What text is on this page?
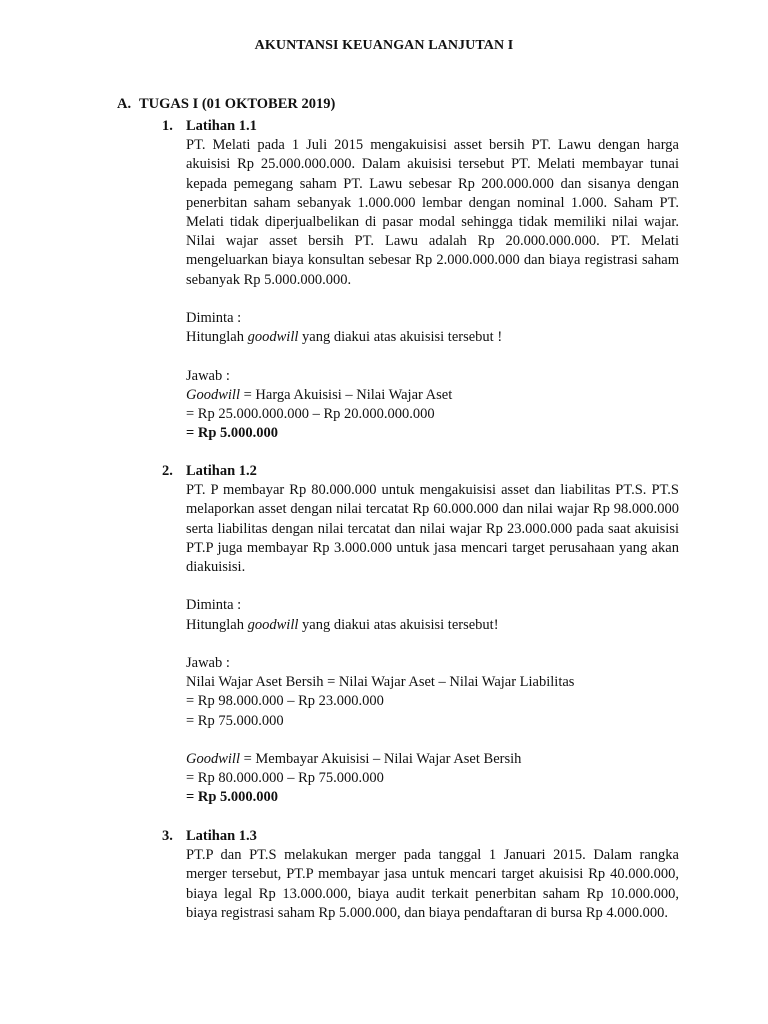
AKUNTANSI KEUANGAN LANJUTAN I
A. TUGAS I (01 OKTOBER 2019)
1. Latihan 1.1

PT. Melati pada 1 Juli 2015 mengakuisisi asset bersih PT. Lawu dengan harga akuisisi Rp 25.000.000.000. Dalam akuisisi tersebut PT. Melati membayar tunai kepada pemegang saham PT. Lawu sebesar Rp 200.000.000 dan sisanya dengan penerbitan saham sebanyak 1.000.000 lembar dengan nominal 1.000. Saham PT. Melati tidak diperjualbelikan di pasar modal sehingga tidak memiliki nilai wajar. Nilai wajar asset bersih PT. Lawu adalah Rp 20.000.000.000. PT. Melati mengeluarkan biaya konsultan sebesar Rp 2.000.000.000 dan biaya registrasi saham sebanyak Rp 5.000.000.000.

Diminta :

Hitunglah goodwill yang diakui atas akuisisi tersebut !

Jawab :

Goodwill = Harga Akuisisi – Nilai Wajar Aset

= Rp 25.000.000.000 – Rp 20.000.000.000

= Rp 5.000.000

2. Latihan 1.2

PT. P membayar Rp 80.000.000 untuk mengakuisisi asset dan liabilitas PT.S. PT.S melaporkan asset dengan nilai tercatat Rp 60.000.000 dan nilai wajar Rp 98.000.000 serta liabilitas dengan nilai tercatat dan nilai wajar Rp 23.000.000 pada saat akuisisi PT.P juga membayar Rp 3.000.000 untuk jasa mencari target perusahaan yang akan diakuisisi.

Diminta :

Hitunglah goodwill yang diakui atas akuisisi tersebut!

Jawab :

Nilai Wajar Aset Bersih = Nilai Wajar Aset – Nilai Wajar Liabilitas

= Rp 98.000.000 – Rp 23.000.000

= Rp 75.000.000

Goodwill = Membayar Akuisisi – Nilai Wajar Aset Bersih

= Rp 80.000.000 – Rp 75.000.000

= Rp 5.000.000

3. Latihan 1.3

PT.P dan PT.S melakukan merger pada tanggal 1 Januari 2015. Dalam rangka merger tersebut, PT.P membayar jasa untuk mencari target akuisisi Rp 40.000.000, biaya legal Rp 13.000.000, biaya audit terkait penerbitan saham Rp 10.000.000, biaya registrasi saham Rp 5.000.000, dan biaya pendaftaran di bursa Rp 4.000.000.
